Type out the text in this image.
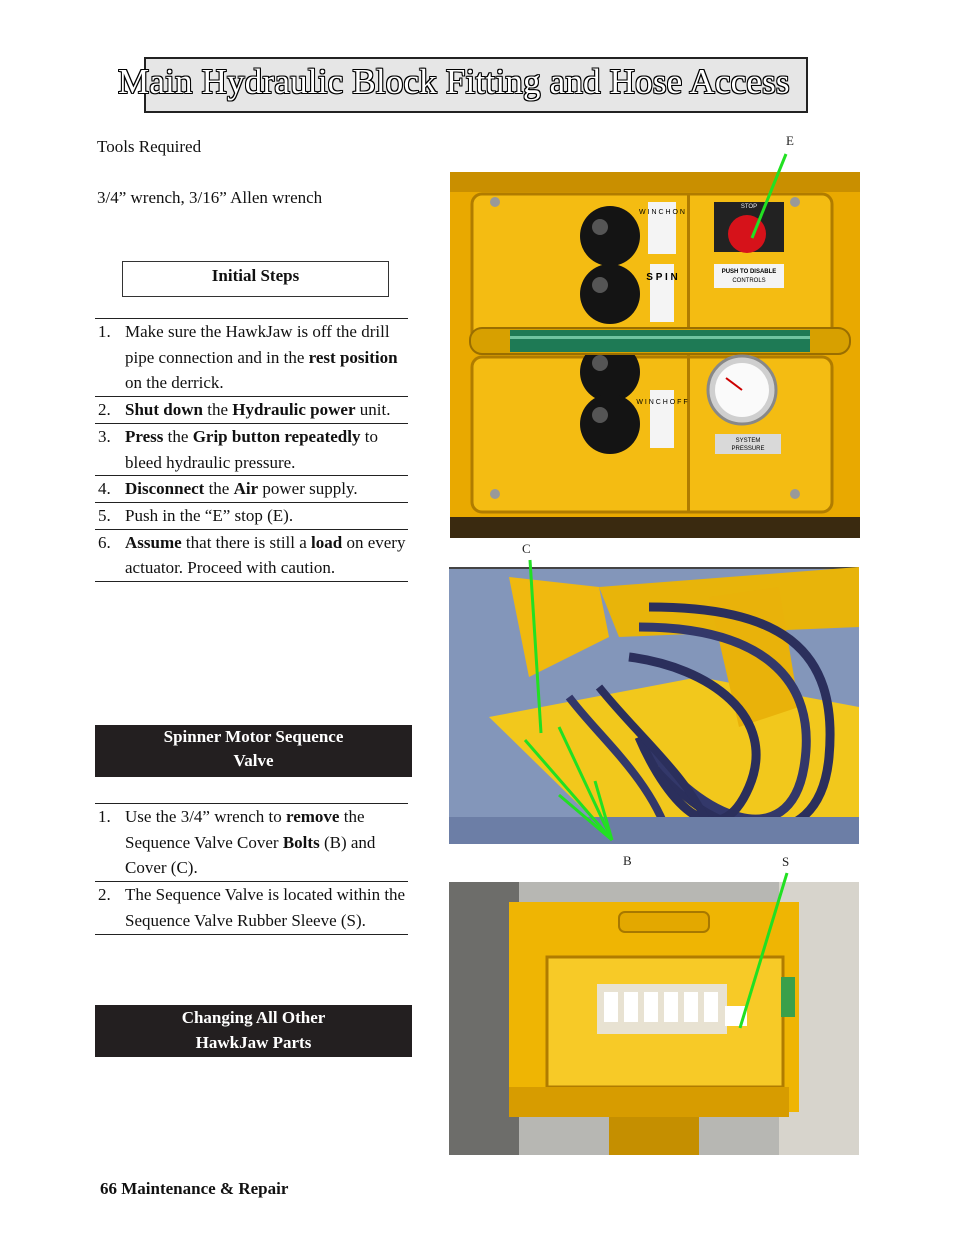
Main Hydraulic Block Fitting and Hose Access
Tools Required
3/4” wrench, 3/16” Allen wrench
Initial Steps
1. Make sure the HawkJaw is off the drill pipe connection and in the rest position on the derrick.
2. Shut down the Hydraulic power unit.
3. Press the Grip button repeatedly to bleed hydraulic pressure.
4. Disconnect the Air power supply.
5. Push in the “E” stop (E).
6. Assume that there is still a load on every actuator. Proceed with caution.
Spinner Motor Sequence
Valve
1. Use the 3/4” wrench to remove the Sequence Valve Cover Bolts (B) and Cover (C).
2. The Sequence Valve is located within the Sequence Valve Rubber Sleeve (S).
Changing All Other
HawkJaw Parts
66 Maintenance & Repair
E
W I N C H O N
S P I N
W I N C H O F F
STOP
PUSH TO DISABLE
CONTROLS
SYSTEM
PRESSURE
C
B	S
